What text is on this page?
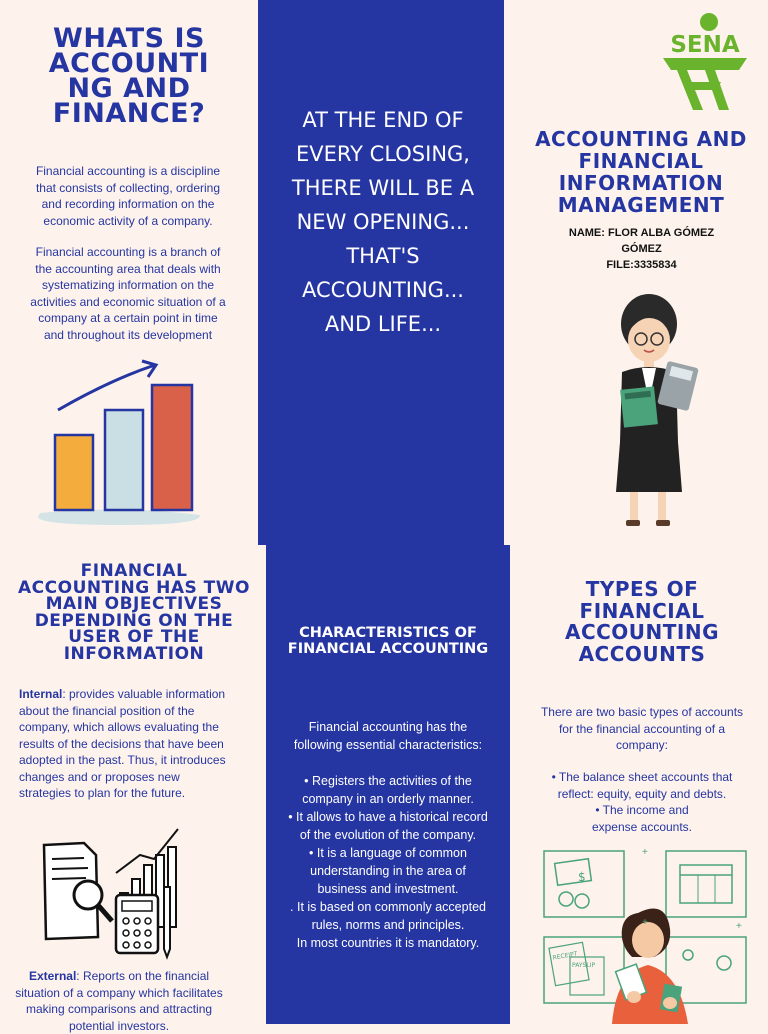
WHATS IS ACCOUNTI NG AND FINANCE?

Financial accounting is a discipline that consists of collecting, ordering and recording information on the economic activity of a company.

Financial accounting is a branch of the accounting area that deals with systematizing information on the activities and economic situation of a company at a certain point in time and throughout its development

AT THE END OF EVERY CLOSING, THERE WILL BE A NEW OPENING... THAT'S ACCOUNTING... AND LIFE...

SENA
ACCOUNTING AND FINANCIAL INFORMATION MANAGEMENT

NAME: FLOR ALBA GÓMEZ GÓMEZ

FILE:3335834

FINANCIAL ACCOUNTING HAS TWO MAIN OBJECTIVES DEPENDING ON THE USER OF THE INFORMATION

Internal: provides valuable information about the financial position of the company, which allows evaluating the results of the decisions that have been adopted in the past. Thus, it introduces changes and or proposes new strategies to plan for the future.

External: Reports on the financial situation of a company which facilitates making comparisons and attracting potential investors.

CHARACTERISTICS OF FINANCIAL ACCOUNTING

Financial accounting has the following essential characteristics:

• Registers the activities of the company in an orderly manner.

• It allows to have a historical record of the evolution of the company.

• It is a language of common understanding in the area of business and investment.

. It is based on commonly accepted rules, norms and principles.

In most countries it is mandatory.

TYPES OF FINANCIAL ACCOUNTING ACCOUNTS

There are two basic types of accounts for the financial accounting of a company:

• The balance sheet accounts that reflect: equity, equity and debts.

• The income and expense accounts.

$
RECEIPT
PAYSLIP
+
+
+
